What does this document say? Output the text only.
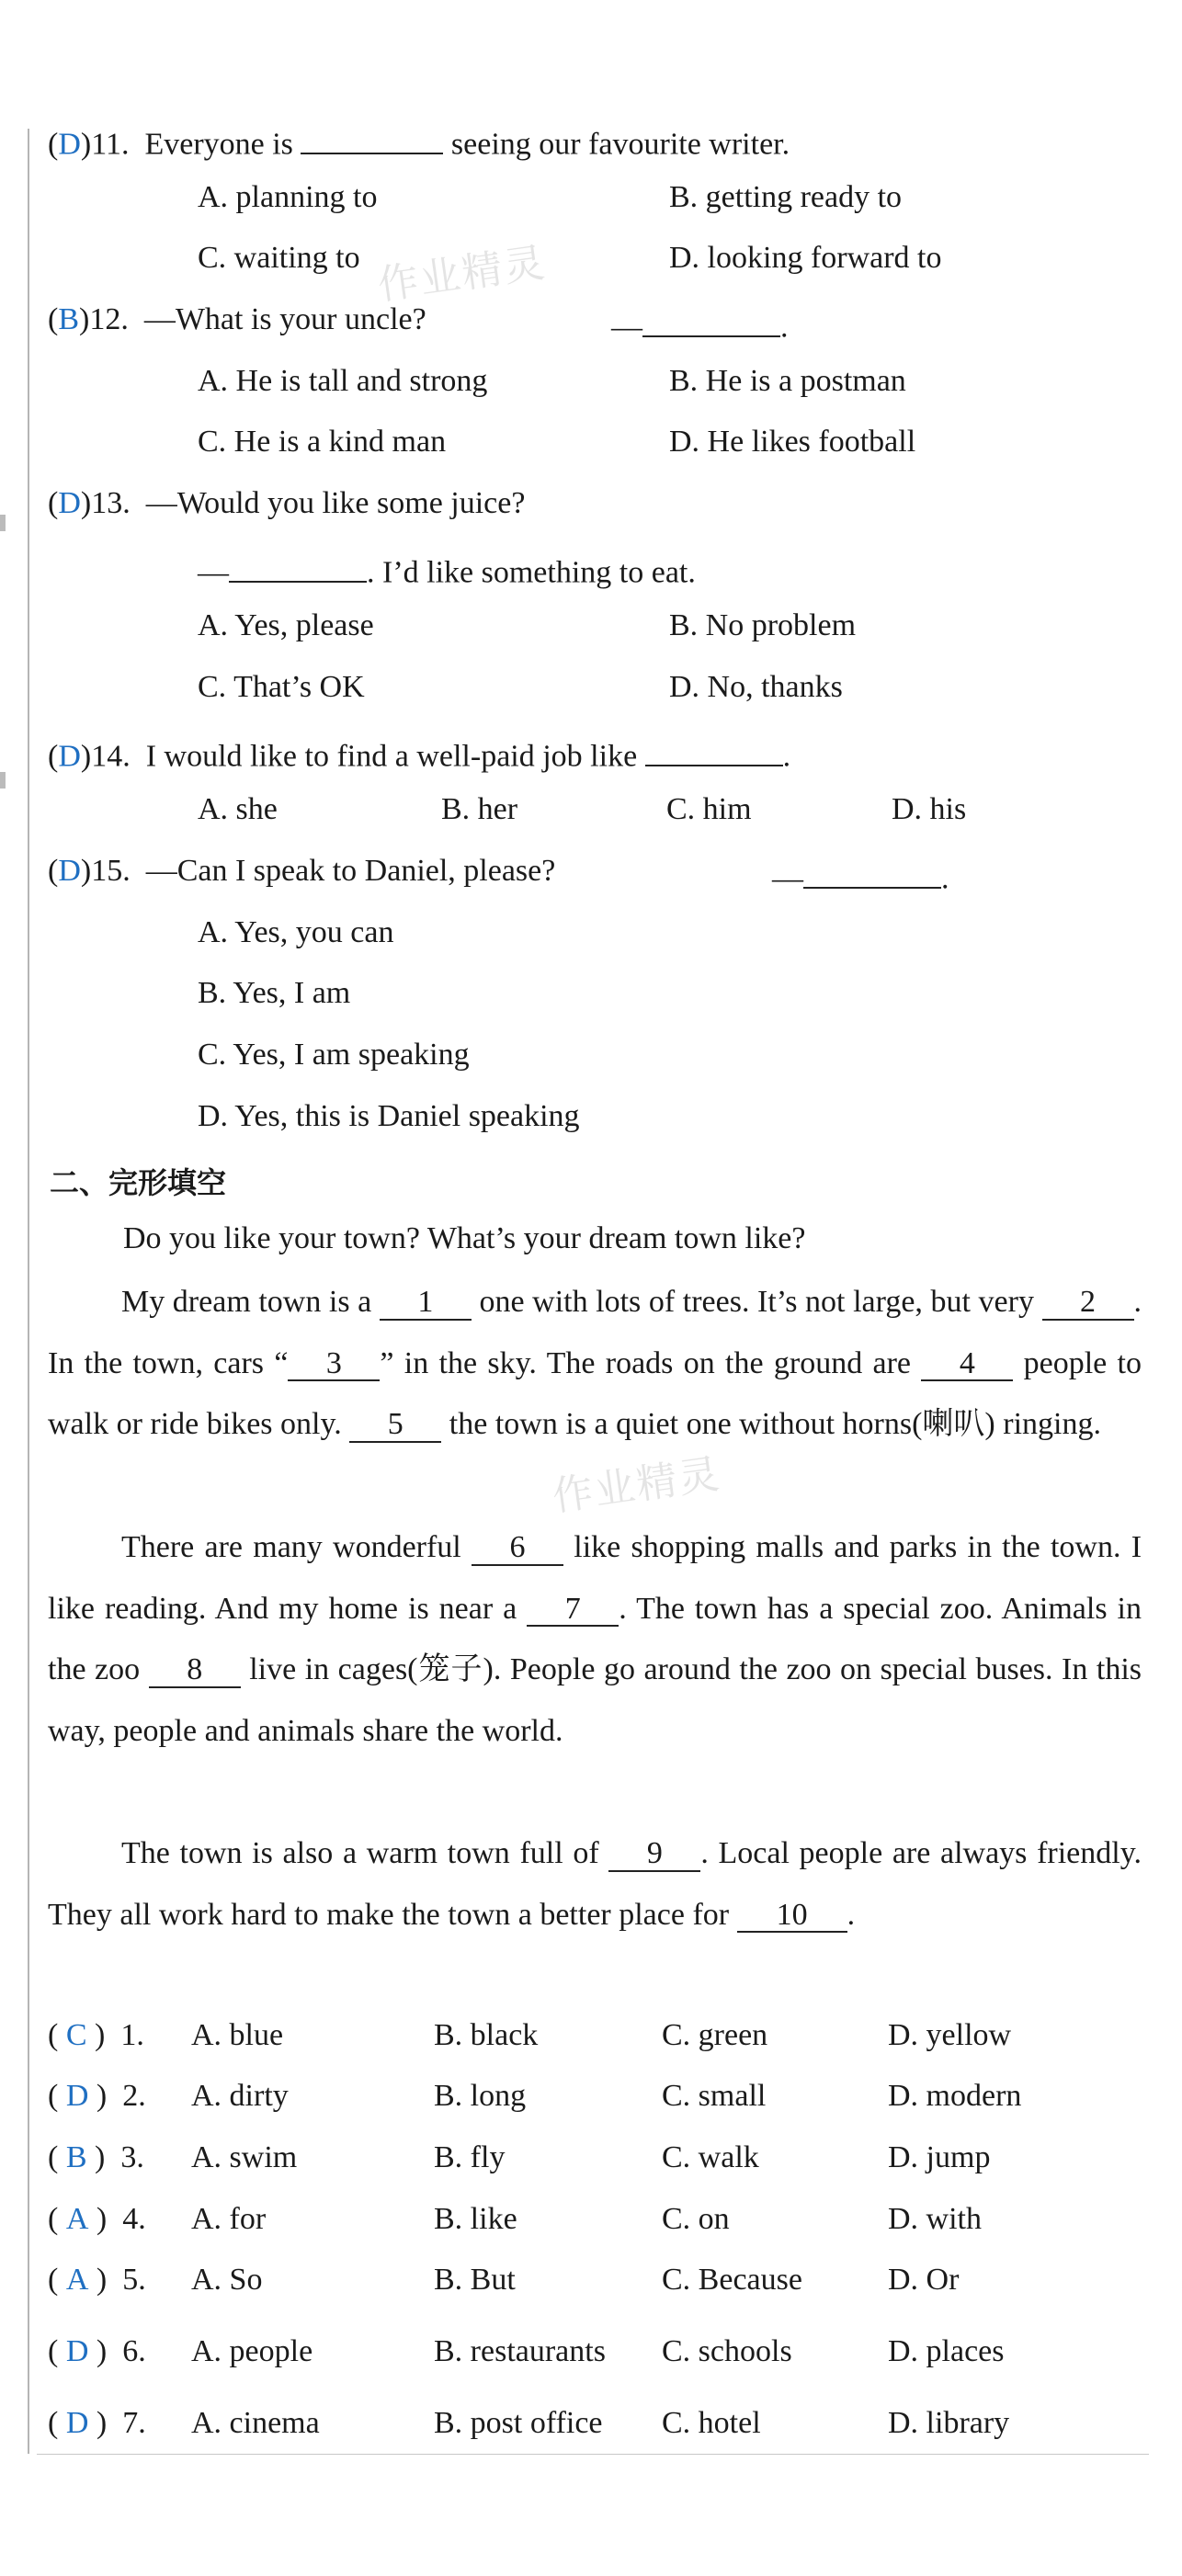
(D)11. Everyone is	seeing our favourite writer.
A. planning to	B. getting ready to
C. waiting to	D. looking forward to
(B)12. —What is your uncle?	—	.
A. He is tall and strong	B. He is a postman
C. He is a kind man	D. He likes football
(D)13. —Would you like some juice?
—	. I’d like something to eat.
A. Yes, please	B. No problem
C. That’s OK	D. No, thanks
(D)14. I would like to find a well-paid job like	.
A. she	B. her	C. him	D. his
(D)15. —Can I speak to Daniel, please?	—	.
A. Yes, you can
B. Yes, I am
C. Yes, I am speaking
D. Yes, this is Daniel speaking
二、完形填空
Do you like your town? What’s your dream town like?
My dream town is a 1 one with lots of trees. It’s not large, but very 2 . In the town, cars “ 3 ” in the sky. The roads on the ground are 4 people to walk or ride bikes only. 5 the town is a quiet one without horns(喇叭) ringing.
There are many wonderful 6 like shopping malls and parks in the town. I like reading. And my home is near a 7 . The town has a special zoo. Animals in the zoo 8 live in cages(笼子). People go around the zoo on special buses. In this way, people and animals share the world.
The town is also a warm town full of 9 . Local people are always friendly. They all work hard to make the town a better place for 10 .
( C )  1. A. blue	B. black	C. green	D. yellow
( D )  2. A. dirty	B. long	C. small	D. modern
( B )  3. A. swim	B. fly	C. walk	D. jump
( A )  4. A. for	B. like	C. on	D. with
( A )  5. A. So	B. But	C. Because	D. Or
( D )  6. A. people	B. restaurants C. schools	D. places
( D )  7. A. cinema	B. post office C. hotel	D. library
作业精灵
作业精灵
